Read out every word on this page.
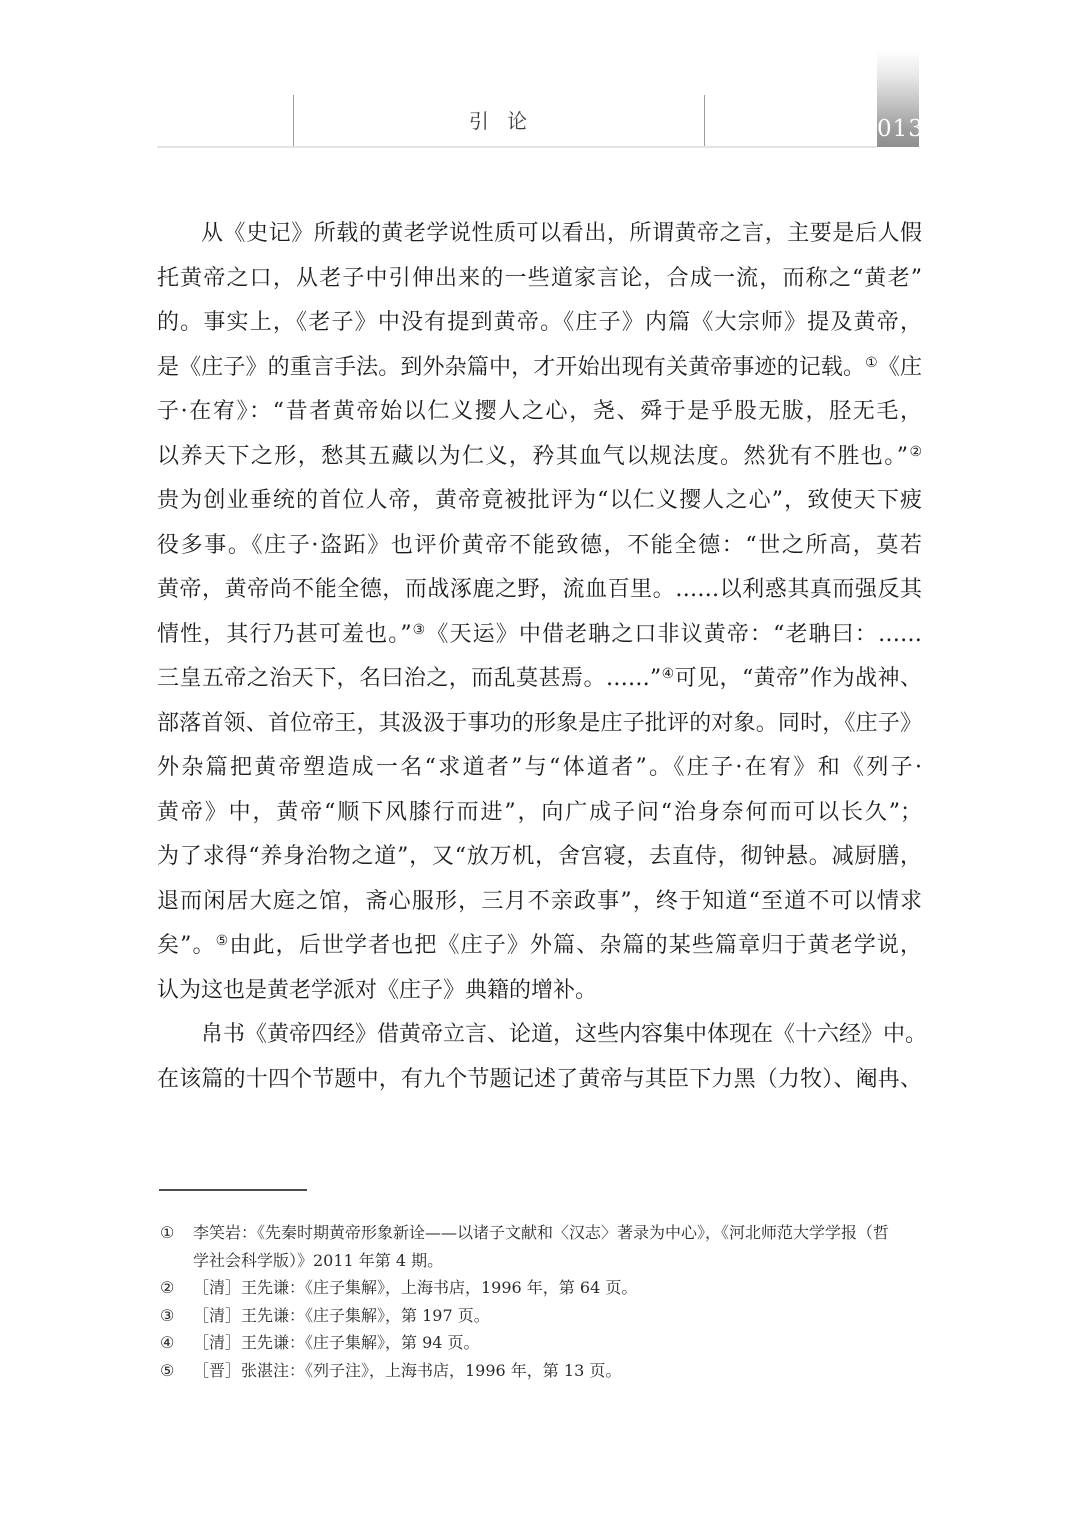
引 论	013
从《史记》所载的黄老学说性质可以看出，所谓黄帝之言，主要是后人假
托黄帝之口，从老子中引伸出来的一些道家言论，合成一流，而称之“黄老”
的。事实上，《老子》中没有提到黄帝。《庄子》内篇《大宗师》提及黄帝，
是《庄子》的重言手法。到外杂篇中，才开始出现有关黄帝事迹的记载。①《庄
子·在宥》：“昔者黄帝始以仁义撄人之心，尧、舜于是乎股无胈，胫无毛，
以养天下之形，愁其五藏以为仁义，矜其血气以规法度。然犹有不胜也。”②
贵为创业垂统的首位人帝，黄帝竟被批评为“以仁义撄人之心”，致使天下疲
役多事。《庄子·盗跖》也评价黄帝不能致德，不能全德：“世之所高，莫若
黄帝，黄帝尚不能全德，而战涿鹿之野，流血百里。……以利惑其真而强反其
情性，其行乃甚可羞也。”③《天运》中借老聃之口非议黄帝：“老聃曰：……
三皇五帝之治天下，名曰治之，而乱莫甚焉。……”④可见，“黄帝”作为战神、
部落首领、首位帝王，其汲汲于事功的形象是庄子批评的对象。同时，《庄子》
外杂篇把黄帝塑造成一名“求道者”与“体道者”。《庄子·在宥》和《列子·
黄帝》中，黄帝“顺下风膝行而进”，向广成子问“治身奈何而可以长久”；
为了求得“养身治物之道”，又“放万机，舍宫寝，去直侍，彻钟悬。减厨膳，
退而闲居大庭之馆，斋心服形，三月不亲政事”，终于知道“至道不可以情求
矣”。⑤由此，后世学者也把《庄子》外篇、杂篇的某些篇章归于黄老学说，
认为这也是黄老学派对《庄子》典籍的增补。
帛书《黄帝四经》借黄帝立言、论道，这些内容集中体现在《十六经》中。
在该篇的十四个节题中，有九个节题记述了黄帝与其臣下力黑（力牧）、阉冉、
①	李笑岩：《先秦时期黄帝形象新诠——以诸子文献和〈汉志〉著录为中心》，《河北师范大学学报（哲
学社会科学版）》2011 年第 4 期。
②	［清］王先谦：《庄子集解》，上海书店，1996 年，第 64 页。
③	［清］王先谦：《庄子集解》，第 197 页。
④	［清］王先谦：《庄子集解》，第 94 页。
⑤	［晋］张湛注：《列子注》，上海书店，1996 年，第 13 页。
